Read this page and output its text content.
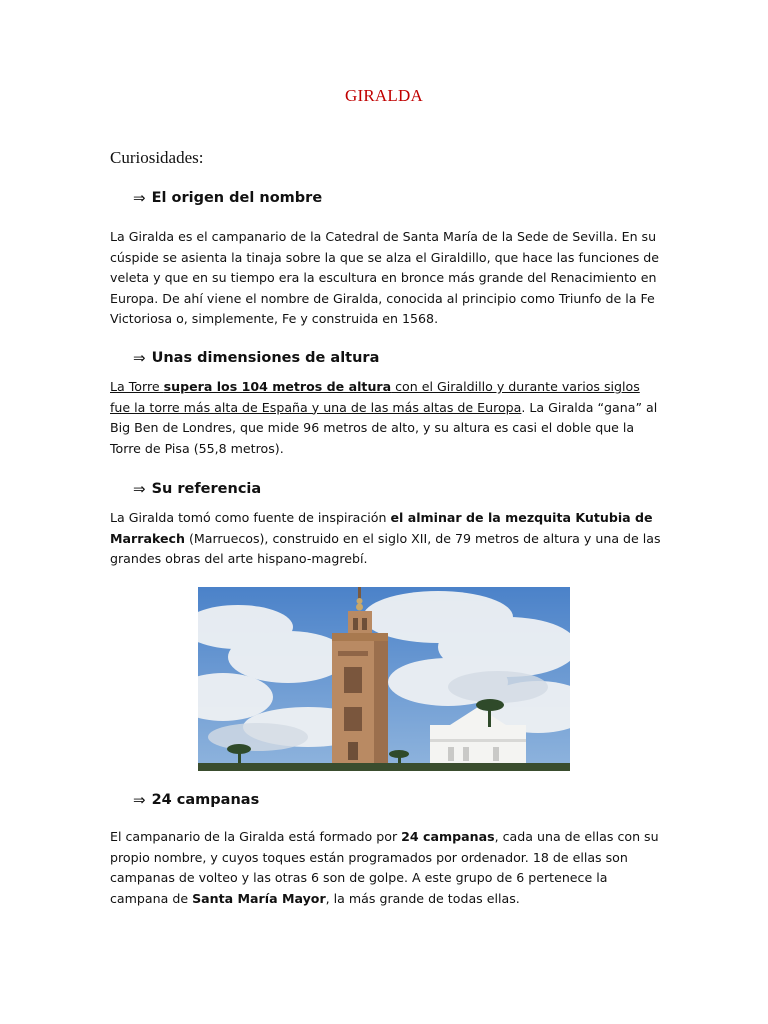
GIRALDA
Curiosidades:
⇒ El origen del nombre

La Giralda es el campanario de la Catedral de Santa María de la Sede de Sevilla. En su cúspide se asienta la tinaja sobre la que se alza el Giraldillo, que hace las funciones de veleta y que en su tiempo era la escultura en bronce más grande del Renacimiento en Europa. De ahí viene el nombre de Giralda, conocida al principio como Triunfo de la Fe Victoriosa o, simplemente, Fe y construida en 1568.

⇒ Unas dimensiones de altura

La Torre supera los 104 metros de altura con el Giraldillo y durante varios siglos fue la torre más alta de España y una de las más altas de Europa. La Giralda “gana” al Big Ben de Londres, que mide 96 metros de alto, y su altura es casi el doble que la Torre de Pisa (55,8 metros).

⇒ Su referencia

La Giralda tomó como fuente de inspiración el alminar de la mezquita Kutubia de Marrakech (Marruecos), construido en el siglo XII, de 79 metros de altura y una de las grandes obras del arte hispano-magrebí.

⇒ 24 campanas

El campanario de la Giralda está formado por 24 campanas, cada una de ellas con su propio nombre, y cuyos toques están programados por ordenador. 18 de ellas son campanas de volteo y las otras 6 son de golpe. A este grupo de 6 pertenece la campana de Santa María Mayor, la más grande de todas ellas.
